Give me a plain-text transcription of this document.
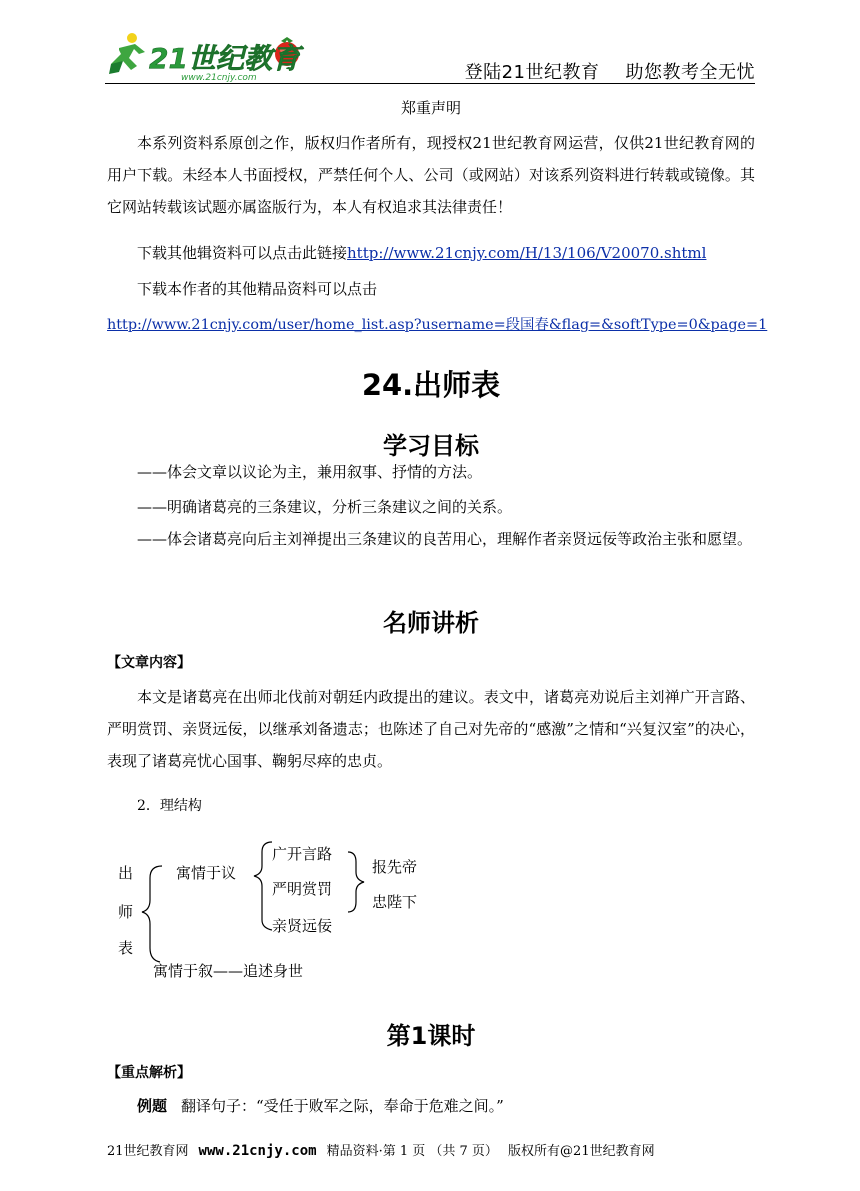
21世纪教育
www.21cnjy.com	登陆21世纪教育 助您教考全无忧
郑重声明
本系列资料系原创之作，版权归作者所有，现授权21世纪教育网运营，仅供21世纪教育网的用户下载。未经本人书面授权，严禁任何个人、公司（或网站）对该系列资料进行转载或镜像。其它网站转载该试题亦属盗版行为，本人有权追求其法律责任！
下载其他辑资料可以点击此链接http://www.21cnjy.com/H/13/106/V20070.shtml
下载本作者的其他精品资料可以点击
http://www.21cnjy.com/user/home_list.asp?username=段国春&flag=&softType=0&page=1
24.出师表
学习目标
——体会文章以议论为主，兼用叙事、抒情的方法。
——明确诸葛亮的三条建议，分析三条建议之间的关系。
——体会诸葛亮向后主刘禅提出三条建议的良苦用心，理解作者亲贤远佞等政治主张和愿望。
名师讲析
【文章内容】
本文是诸葛亮在出师北伐前对朝廷内政提出的建议。表文中，诸葛亮劝说后主刘禅广开言路、严明赏罚、亲贤远佞，以继承刘备遗志；也陈述了自己对先帝的“感激”之情和“兴复汉室”的决心，表现了诸葛亮忧心国事、鞠躬尽瘁的忠贞。
2．理结构
出
师
表
寓情于议
广开言路
严明赏罚
亲贤远佞
报先帝
忠陛下
寓情于叙——追述身世
第1课时
【重点解析】
例题 翻译句子：“受任于败军之际，奉命于危难之间。”
21世纪教育网 www.21cnjy.com 精品资料·第 1 页 （共 7 页） 版权所有@21世纪教育网
